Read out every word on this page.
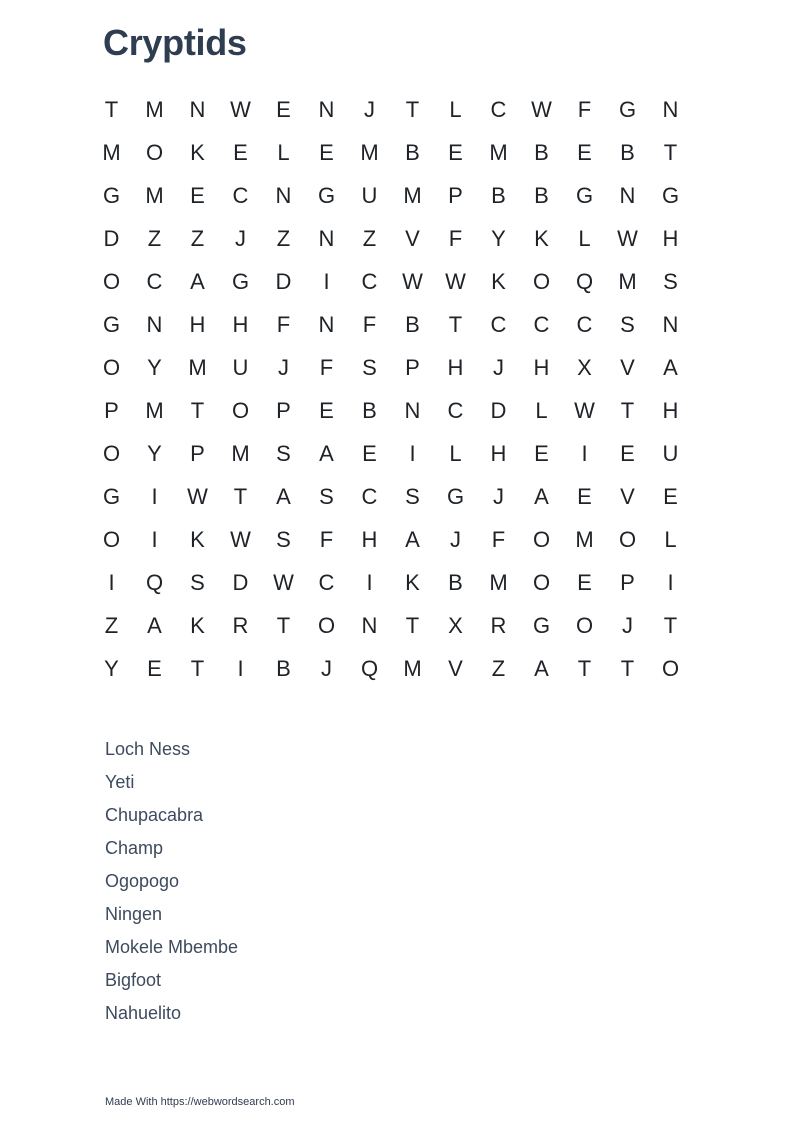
Cryptids
T	M	N	W	E	N	J	T	L	C	W	F	G	N
M	O	K	E	L	E	M	B	E	M	B	E	B	T
G	M	E	C	N	G	U	M	P	B	B	G	N	G
D	Z	Z	J	Z	N	Z	V	F	Y	K	L	W	H
O	C	A	G	D	I	C	W	W	K	O	Q	M	S
G	N	H	H	F	N	F	B	T	C	C	C	S	N
O	Y	M	U	J	F	S	P	H	J	H	X	V	A
P	M	T	O	P	E	B	N	C	D	L	W	T	H
O	Y	P	M	S	A	E	I	L	H	E	I	E	U
G	I	W	T	A	S	C	S	G	J	A	E	V	E
O	I	K	W	S	F	H	A	J	F	O	M	O	L
I	Q	S	D	W	C	I	K	B	M	O	E	P	I
Z	A	K	R	T	O	N	T	X	R	G	O	J	T
Y	E	T	I	B	J	Q	M	V	Z	A	T	T	O
Loch Ness
Yeti
Chupacabra
Champ
Ogopogo
Ningen
Mokele Mbembe
Bigfoot
Nahuelito
Made With https://webwordsearch.com
